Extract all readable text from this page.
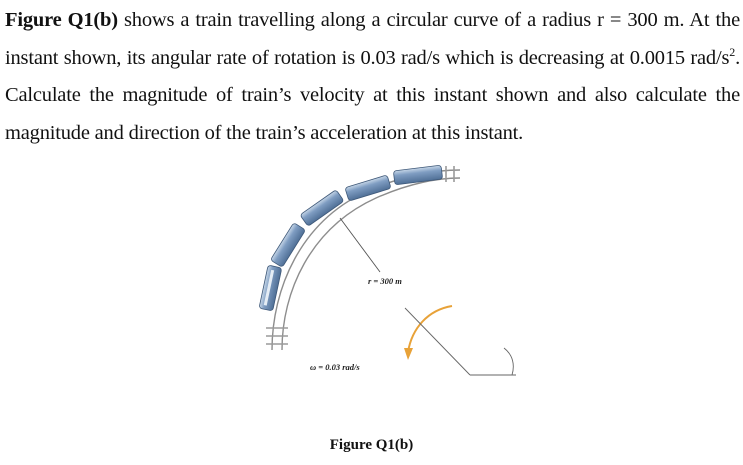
Figure Q1(b) shows a train travelling along a circular curve of a radius r = 300 m. At the instant shown, its angular rate of rotation is 0.03 rad/s which is decreasing at 0.0015 rad/$s^2$. Calculate the magnitude of train’s velocity at this instant shown and also calculate the magnitude and direction of the train’s acceleration at this instant.
r = 300 m
ω = 0.03 rad/s
Figure Q1(b)
